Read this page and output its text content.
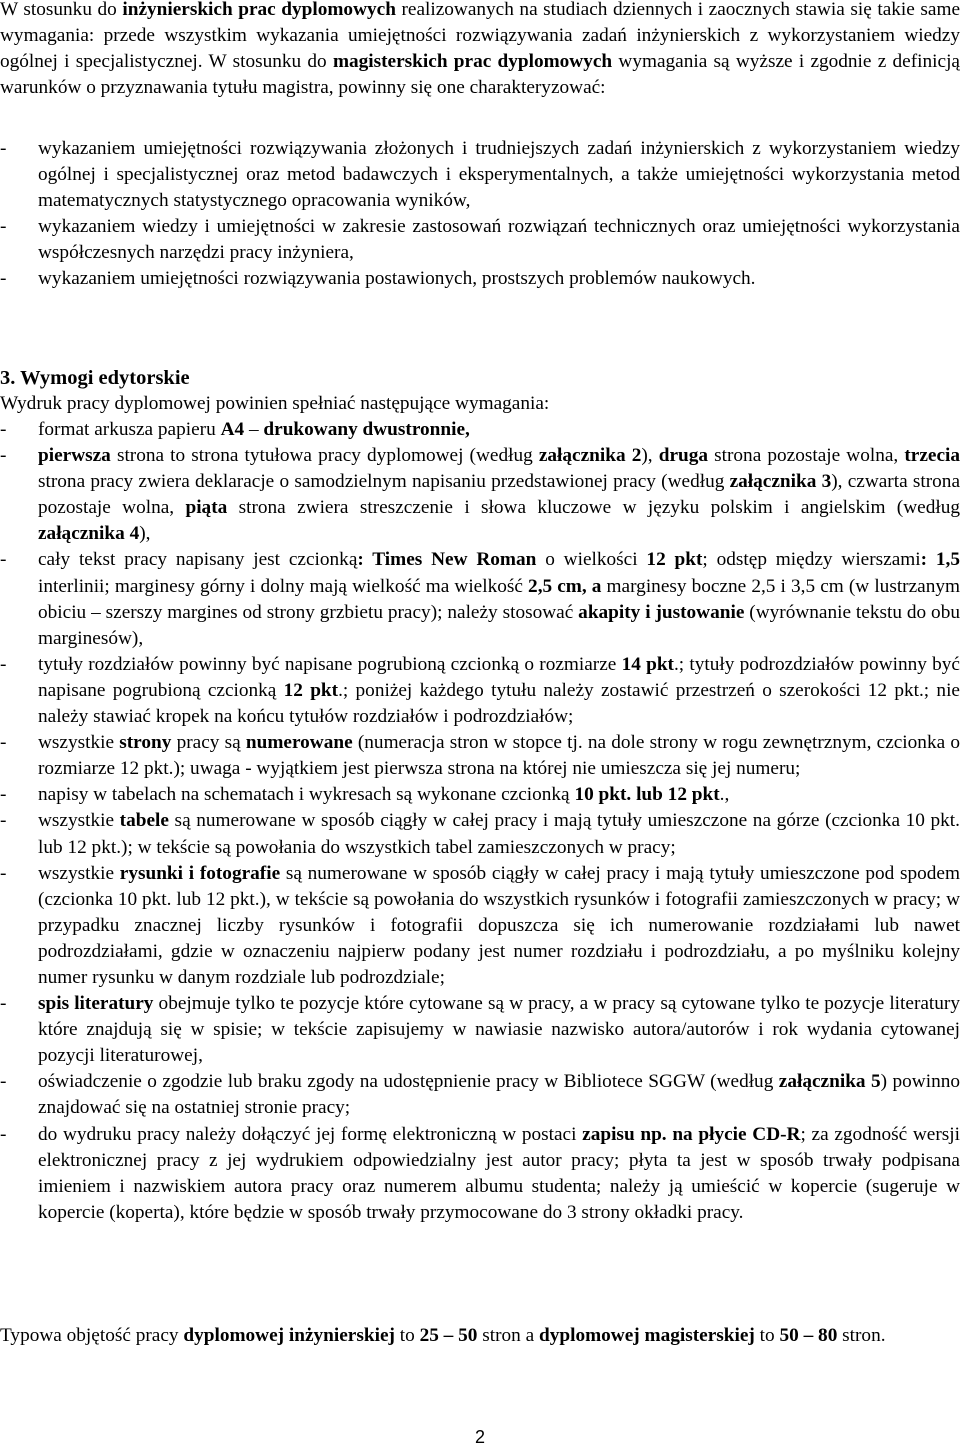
W stosunku do inżynierskich prac dyplomowych realizowanych na studiach dziennych i zaocznych stawia się takie same wymagania: przede wszystkim wykazania umiejętności rozwiązywania zadań inżynierskich z wykorzystaniem wiedzy ogólnej i specjalistycznej. W stosunku do magisterskich prac dyplomowych wymagania są wyższe i zgodnie z definicją warunków o przyznawania tytułu magistra, powinny się one charakteryzować:
- wykazaniem umiejętności rozwiązywania złożonych i trudniejszych zadań inżynierskich z wykorzystaniem wiedzy ogólnej i specjalistycznej oraz metod badawczych i eksperymentalnych, a także umiejętności wykorzystania metod matematycznych statystycznego opracowania wyników,
- wykazaniem wiedzy i umiejętności w zakresie zastosowań rozwiązań technicznych oraz umiejętności wykorzystania współczesnych narzędzi pracy inżyniera,
- wykazaniem umiejętności rozwiązywania postawionych, prostszych problemów naukowych.
3. Wymogi edytorskie
Wydruk pracy dyplomowej powinien spełniać następujące wymagania:
- format arkusza papieru A4 – drukowany dwustronnie,
- pierwsza strona to strona tytułowa pracy dyplomowej (według załącznika 2), druga strona pozostaje wolna, trzecia strona pracy zwiera deklaracje o samodzielnym napisaniu przedstawionej pracy (według załącznika 3), czwarta strona pozostaje wolna, piąta strona zwiera streszczenie i słowa kluczowe w języku polskim i angielskim (według załącznika 4),
- cały tekst pracy napisany jest czcionką: Times New Roman o wielkości 12 pkt; odstęp między wierszami: 1,5 interlinii; marginesy górny i dolny mają wielkość ma wielkość 2,5 cm, a marginesy boczne 2,5 i 3,5 cm (w lustrzanym obiciu – szerszy margines od strony grzbietu pracy); należy stosować akapity i justowanie (wyrównanie tekstu do obu marginesów),
- tytuły rozdziałów powinny być napisane pogrubioną czcionką o rozmiarze 14 pkt.; tytuły podrozdziałów powinny być napisane pogrubioną czcionką 12 pkt.; poniżej każdego tytułu należy zostawić przestrzeń o szerokości 12 pkt.; nie należy stawiać kropek na końcu tytułów rozdziałów i podrozdziałów;
- wszystkie strony pracy są numerowane (numeracja stron w stopce tj. na dole strony w rogu zewnętrznym, czcionka o rozmiarze 12 pkt.); uwaga - wyjątkiem jest pierwsza strona na której nie umieszcza się jej numeru;
- napisy w tabelach na schematach i wykresach są wykonane czcionką 10 pkt. lub 12 pkt.,
- wszystkie tabele są numerowane w sposób ciągły w całej pracy i mają tytuły umieszczone na górze (czcionka 10 pkt. lub 12 pkt.); w tekście są powołania do wszystkich tabel zamieszczonych w pracy;
- wszystkie rysunki i fotografie są numerowane w sposób ciągły w całej pracy i mają tytuły umieszczone pod spodem (czcionka 10 pkt. lub 12 pkt.), w tekście są powołania do wszystkich rysunków i fotografii zamieszczonych w pracy; w przypadku znacznej liczby rysunków i fotografii dopuszcza się ich numerowanie rozdziałami lub nawet podrozdziałami, gdzie w oznaczeniu najpierw podany jest numer rozdziału i podrozdziału, a po myślniku kolejny numer rysunku w danym rozdziale lub podrozdziale;
- spis literatury obejmuje tylko te pozycje które cytowane są w pracy, a w pracy są cytowane tylko te pozycje literatury które znajdują się w spisie; w tekście zapisujemy w nawiasie nazwisko autora/autorów i rok wydania cytowanej pozycji literaturowej,
- oświadczenie o zgodzie lub braku zgody na udostępnienie pracy w Bibliotece SGGW (według załącznika 5) powinno znajdować się na ostatniej stronie pracy;
- do wydruku pracy należy dołączyć jej formę elektroniczną w postaci zapisu np. na płycie CD-R; za zgodność wersji elektronicznej pracy z jej wydrukiem odpowiedzialny jest autor pracy; płyta ta jest w sposób trwały podpisana imieniem i nazwiskiem autora pracy oraz numerem albumu studenta; należy ją umieścić w kopercie (sugeruje w kopercie (koperta), które będzie w sposób trwały przymocowane do 3 strony okładki pracy.
Typowa objętość pracy dyplomowej inżynierskiej to 25 – 50 stron a dyplomowej magisterskiej to 50 – 80 stron.
2
